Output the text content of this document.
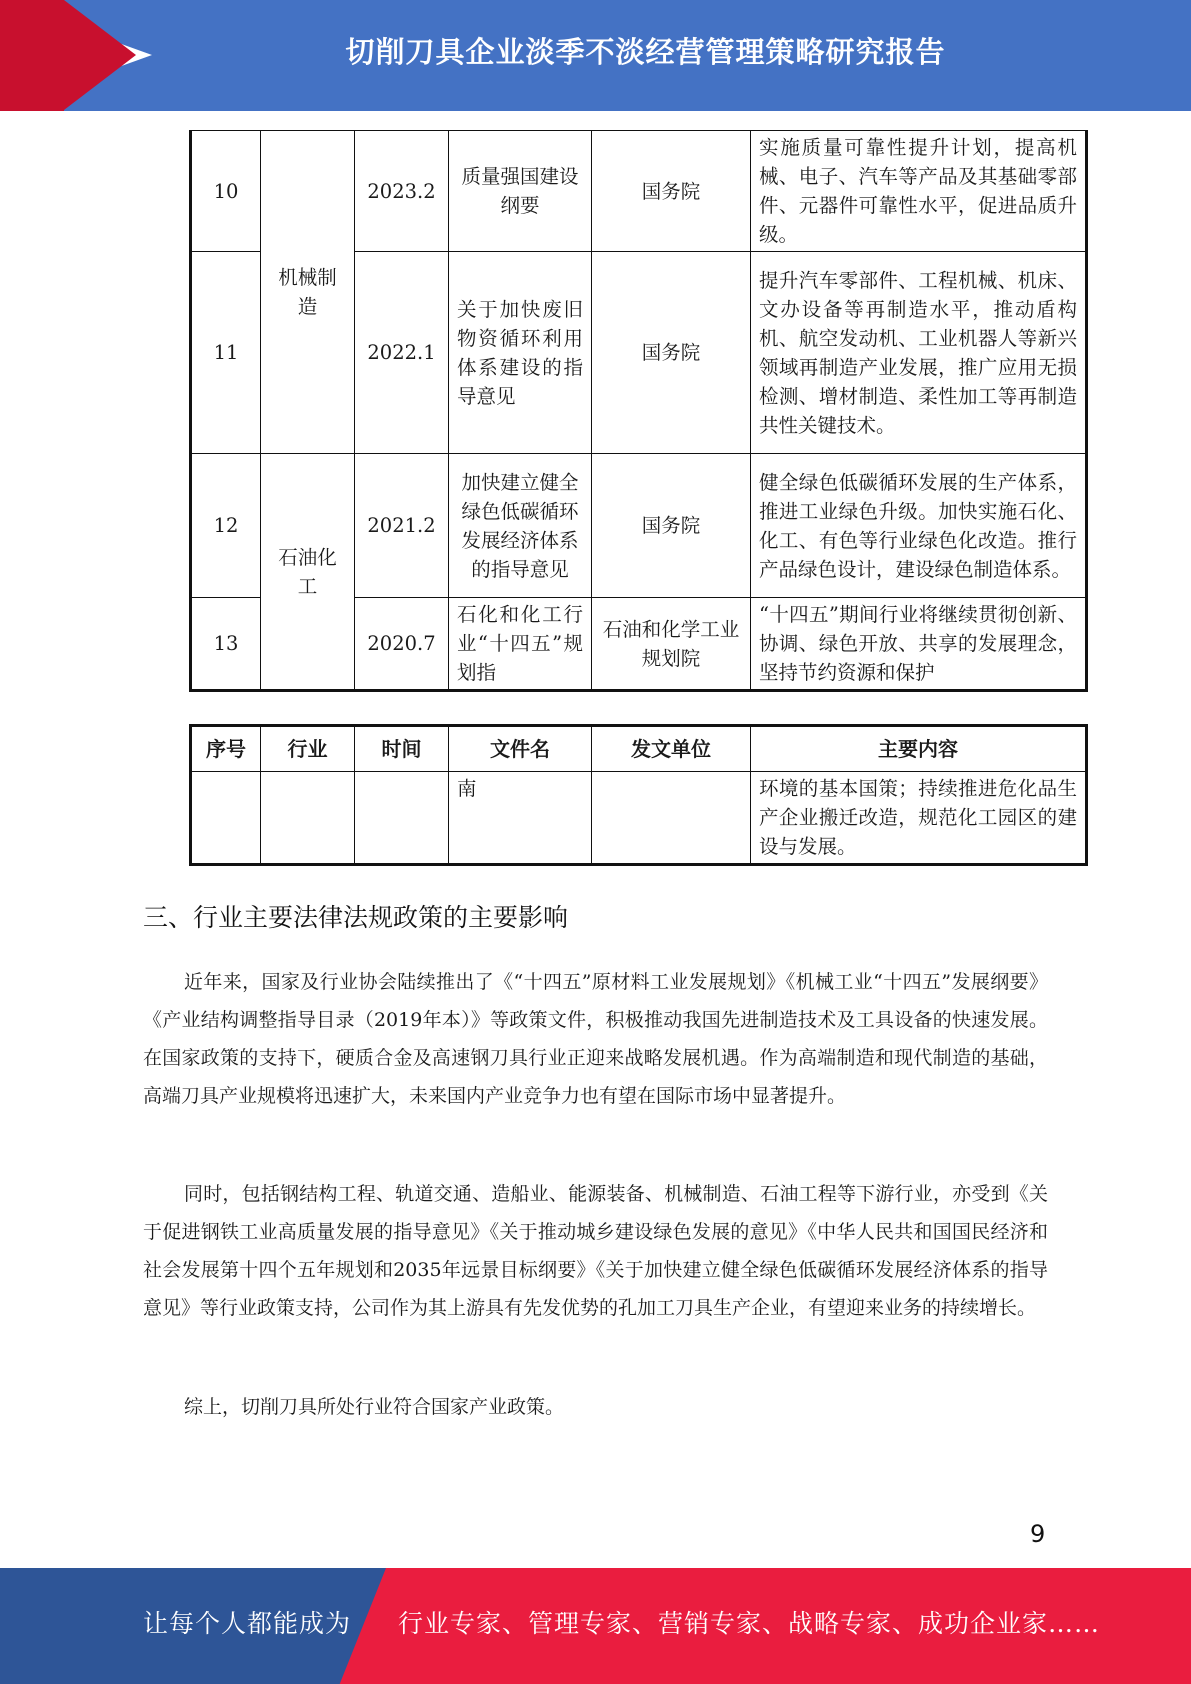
切削刀具企业淡季不淡经营管理策略研究报告
10	机械制造	2023.2	质量强国建设纲要	国务院	实施质量可靠性提升计划，提高机械、电子、汽车等产品及其基础零部件、元器件可靠性水平，促进品质升级。
11		2022.1	关于加快废旧物资循环利用体系建设的指导意见	国务院	提升汽车零部件、工程机械、机床、文办设备等再制造水平，推动盾构机、航空发动机、工业机器人等新兴领域再制造产业发展，推广应用无损检测、增材制造、柔性加工等再制造共性关键技术。
12	石油化工	2021.2	加快建立健全绿色低碳循环发展经济体系的指导意见	国务院	健全绿色低碳循环发展的生产体系，推进工业绿色升级。加快实施石化、化工、有色等行业绿色化改造。推行产品绿色设计，建设绿色制造体系。
13		2020.7	石化和化工行业“十四五”规划指	石油和化学工业规划院	“十四五”期间行业将继续贯彻创新、协调、绿色开放、共享的发展理念，坚持节约资源和保护
序号	行业	时间	文件名	发文单位	主要内容
			南		环境的基本国策；持续推进危化品生产企业搬迁改造，规范化工园区的建设与发展。
三、行业主要法律法规政策的主要影响

近年来，国家及行业协会陆续推出了《“十四五”原材料工业发展规划》《机械工业“十四五”发展纲要》《产业结构调整指导目录（2019年本）》等政策文件，积极推动我国先进制造技术及工具设备的快速发展。在国家政策的支持下，硬质合金及高速钢刀具行业正迎来战略发展机遇。作为高端制造和现代制造的基础，高端刀具产业规模将迅速扩大，未来国内产业竞争力也有望在国际市场中显著提升。

同时，包括钢结构工程、轨道交通、造船业、能源装备、机械制造、石油工程等下游行业，亦受到《关于促进钢铁工业高质量发展的指导意见》《关于推动城乡建设绿色发展的意见》《中华人民共和国国民经济和社会发展第十四个五年规划和2035年远景目标纲要》《关于加快建立健全绿色低碳循环发展经济体系的指导意见》等行业政策支持，公司作为其上游具有先发优势的孔加工刀具生产企业，有望迎来业务的持续增长。

综上，切削刀具所处行业符合国家产业政策。

9
让每个人都能成为 行业专家、管理专家、营销专家、战略专家、成功企业家……
